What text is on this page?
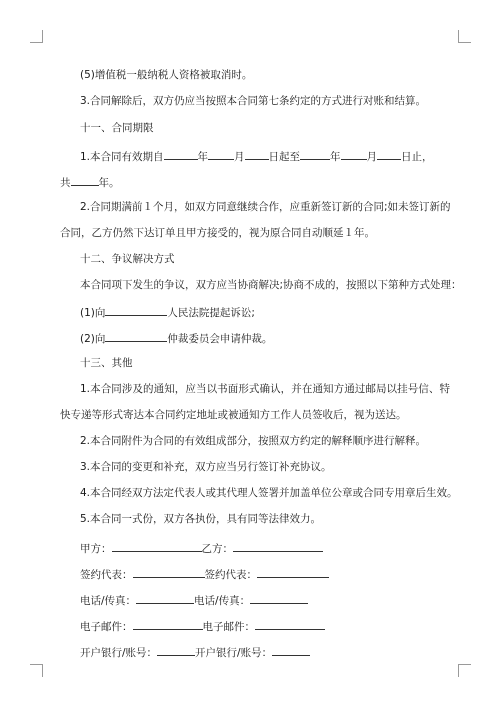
(5)增值税一般纳税人资格被取消时。
3.合同解除后，双方仍应当按照本合同第七条约定的方式进行对账和结算。
十一、合同期限
1.本合同有效期自	年 月 日起至	年 月 日止，
共	年。
2.合同期满前１个月，如双方同意继续合作，应重新签订新的合同;如未签订新的
合同，乙方仍然下达订单且甲方接受的，视为原合同自动顺延１年。
十二、争议解决方式
本合同项下发生的争议，双方应当协商解决;协商不成的，按照以下第种方式处理：
(1)向	人民法院提起诉讼;
(2)向	仲裁委员会申请仲裁。
十三、其他
1.本合同涉及的通知，应当以书面形式确认，并在通知方通过邮局以挂号信、特
快专递等形式寄达本合同约定地址或被通知方工作人员签收后，视为送达。
2.本合同附件为合同的有效组成部分，按照双方约定的解释顺序进行解释。
3.本合同的变更和补充，双方应当另行签订补充协议。
4.本合同经双方法定代表人或其代理人签署并加盖单位公章或合同专用章后生效。
5.本合同一式份，双方各执份，具有同等法律效力。
甲方：	乙方：
签约代表：	签约代表：
电话/传真：	电话/传真：
电子邮件：	电子邮件：
开户银行/账号：	开户银行/账号：
